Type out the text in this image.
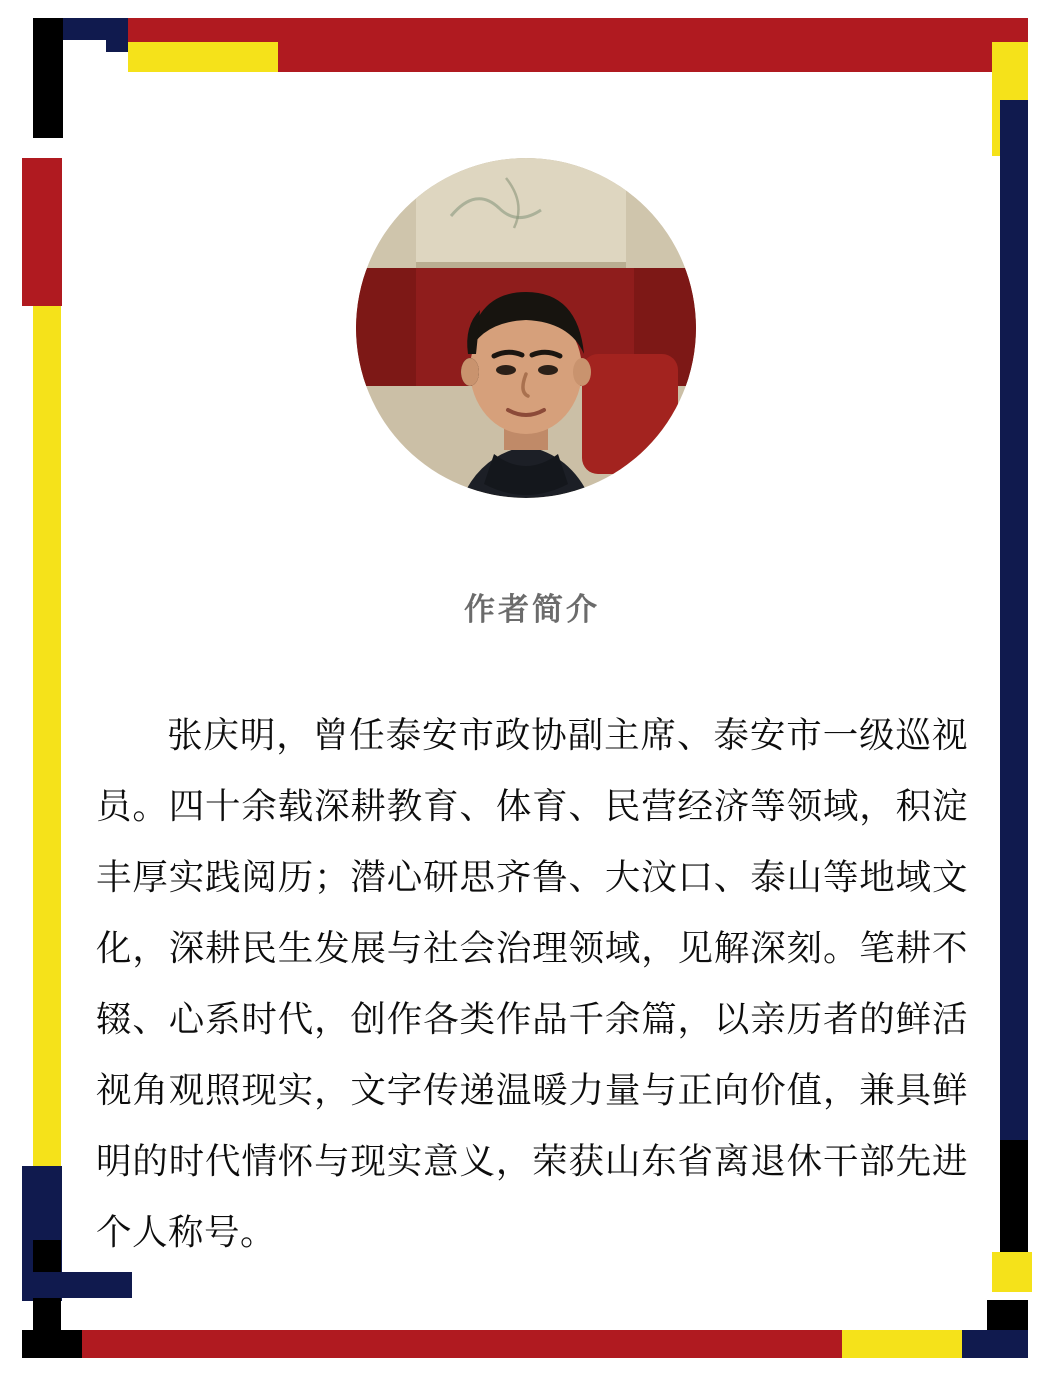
作者简介
张庆明，曾任泰安市政协副主席、泰安市一级巡视员。四十余载深耕教育、体育、民营经济等领域，积淀丰厚实践阅历；潜心研思齐鲁、大汶口、泰山等地域文化，深耕民生发展与社会治理领域，见解深刻。笔耕不辍、心系时代，创作各类作品千余篇，以亲历者的鲜活视角观照现实，文字传递温暖力量与正向价值，兼具鲜明的时代情怀与现实意义，荣获山东省离退休干部先进个人称号。
